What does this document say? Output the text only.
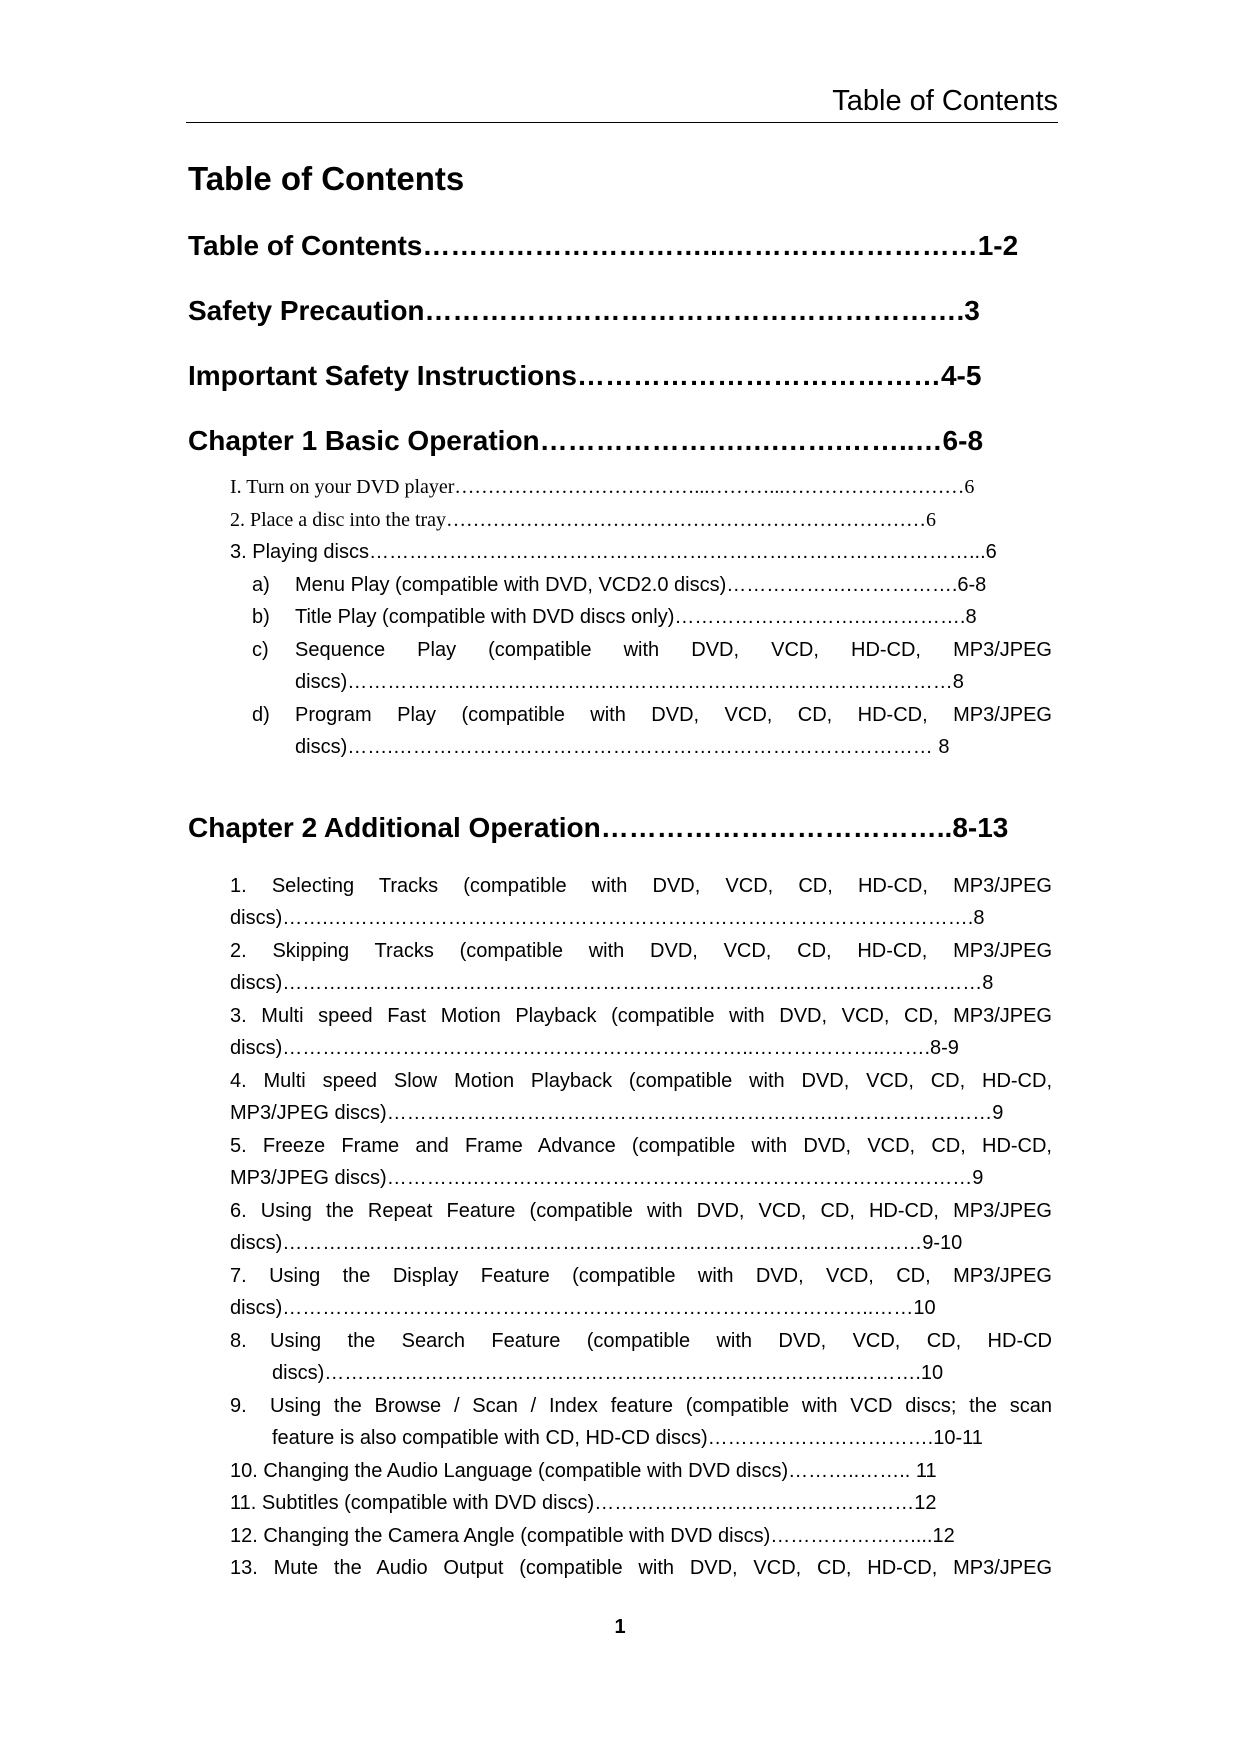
Table of Contents
Table of Contents
Table of Contents…………………………...………………………1-2
Safety Precaution………………………………………………….3
Important Safety Instructions…………………………………4-5
Chapter 1 Basic Operation………………….….…….……..…6-8
I. Turn on your DVD player………………………………...………...………………………6
2. Place a disc into the tray………………………………………………………………6
3. Playing discs………………………………………………………………………………...6
a) Menu Play (compatible with DVD, VCD2.0 discs)……………….…………….6-8
b) Title Play (compatible with DVD discs only)……………………….…………….8
c) Sequence Play (compatible with DVD, VCD, HD-CD, MP3/JPEG
discs)……………………………………………………………………….………8
d) Program Play (compatible with DVD, VCD, CD, HD-CD, MP3/JPEG
discs)…….……………………………………………………………………… 8
Chapter 2 Additional Operation………………………………..8-13
1. Selecting Tracks (compatible with DVD, VCD, CD, HD-CD, MP3/JPEG
discs)…….…………………………………………………………………………………….8
2. Skipping Tracks (compatible with DVD, VCD, CD, HD-CD, MP3/JPEG
discs)……………………………………………………………………………………………8
3. Multi speed Fast Motion Playback (compatible with DVD, VCD, CD, MP3/JPEG
discs)……………………………………………………………..………………..…….8-9
4. Multi speed Slow Motion Playback (compatible with DVD, VCD, CD, HD-CD,
MP3/JPEG discs)………………………………………………………….……………………9
5. Freeze Frame and Frame Advance (compatible with DVD, VCD, CD, HD-CD,
MP3/JPEG discs)………….…………………………………………………………………9
6. Using the Repeat Feature (compatible with DVD, VCD, CD, HD-CD, MP3/JPEG
discs)……………………………………………………………………………………9-10
7. Using the Display Feature (compatible with DVD, VCD, CD, MP3/JPEG
discs)……………………………………………………………………………..……10
8. Using the Search Feature (compatible with DVD, VCD, CD, HD-CD
discs)……………………………………………………………………..……….10
9. Using the Browse / Scan / Index feature (compatible with VCD discs; the scan
feature is also compatible with CD, HD-CD discs)…………………………….10-11
10. Changing the Audio Language (compatible with DVD discs)………..…….. 11
11. Subtitles (compatible with DVD discs)…………………………………………12
12. Changing the Camera Angle (compatible with DVD discs)…………………....12
13. Mute the Audio Output (compatible with DVD, VCD, CD, HD-CD, MP3/JPEG
1
